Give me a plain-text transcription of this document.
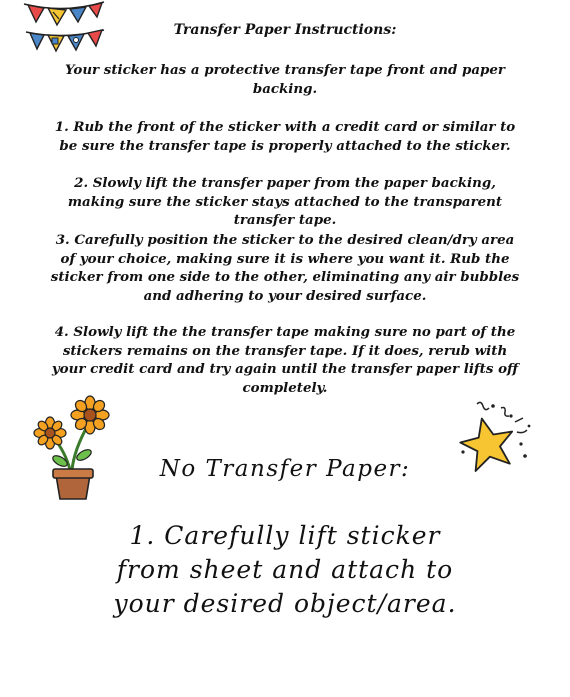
Transfer Paper Instructions:
Your sticker has a protective transfer tape front and paper backing.
1. Rub the front of the sticker with a credit card or similar to be sure the transfer tape is properly attached to the sticker.
2. Slowly lift the transfer paper from the paper backing, making sure the sticker stays attached to the transparent transfer tape.
3. Carefully position the sticker to the desired clean/dry area of your choice, making sure it is where you want it. Rub the sticker from one side to the other, eliminating any air bubbles and adhering to your desired surface.
4. Slowly lift the the transfer tape making sure no part of the stickers remains on the transfer tape. If it does, rerub with your credit card and try again until the transfer paper lifts off completely.
No Transfer Paper:
1. Carefully lift sticker from sheet and attach to your desired object/area.
